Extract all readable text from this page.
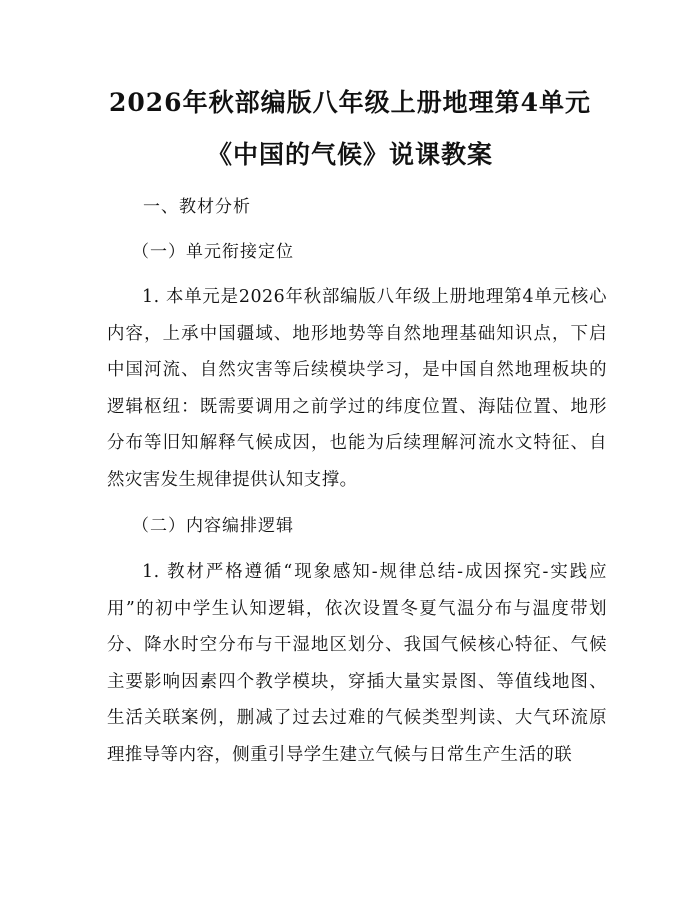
2026年秋部编版八年级上册地理第4单元
《中国的气候》说课教案
一、教材分析
（一）单元衔接定位
1. 本单元是2026年秋部编版八年级上册地理第4单元核心内容，上承中国疆域、地形地势等自然地理基础知识点，下启中国河流、自然灾害等后续模块学习，是中国自然地理板块的逻辑枢纽：既需要调用之前学过的纬度位置、海陆位置、地形分布等旧知解释气候成因，也能为后续理解河流水文特征、自然灾害发生规律提供认知支撑。
（二）内容编排逻辑
1. 教材严格遵循“现象感知-规律总结-成因探究-实践应用”的初中学生认知逻辑，依次设置冬夏气温分布与温度带划分、降水时空分布与干湿地区划分、我国气候核心特征、气候主要影响因素四个教学模块，穿插大量实景图、等值线地图、生活关联案例，删减了过去过难的气候类型判读、大气环流原理推导等内容，侧重引导学生建立气候与日常生产生活的联
